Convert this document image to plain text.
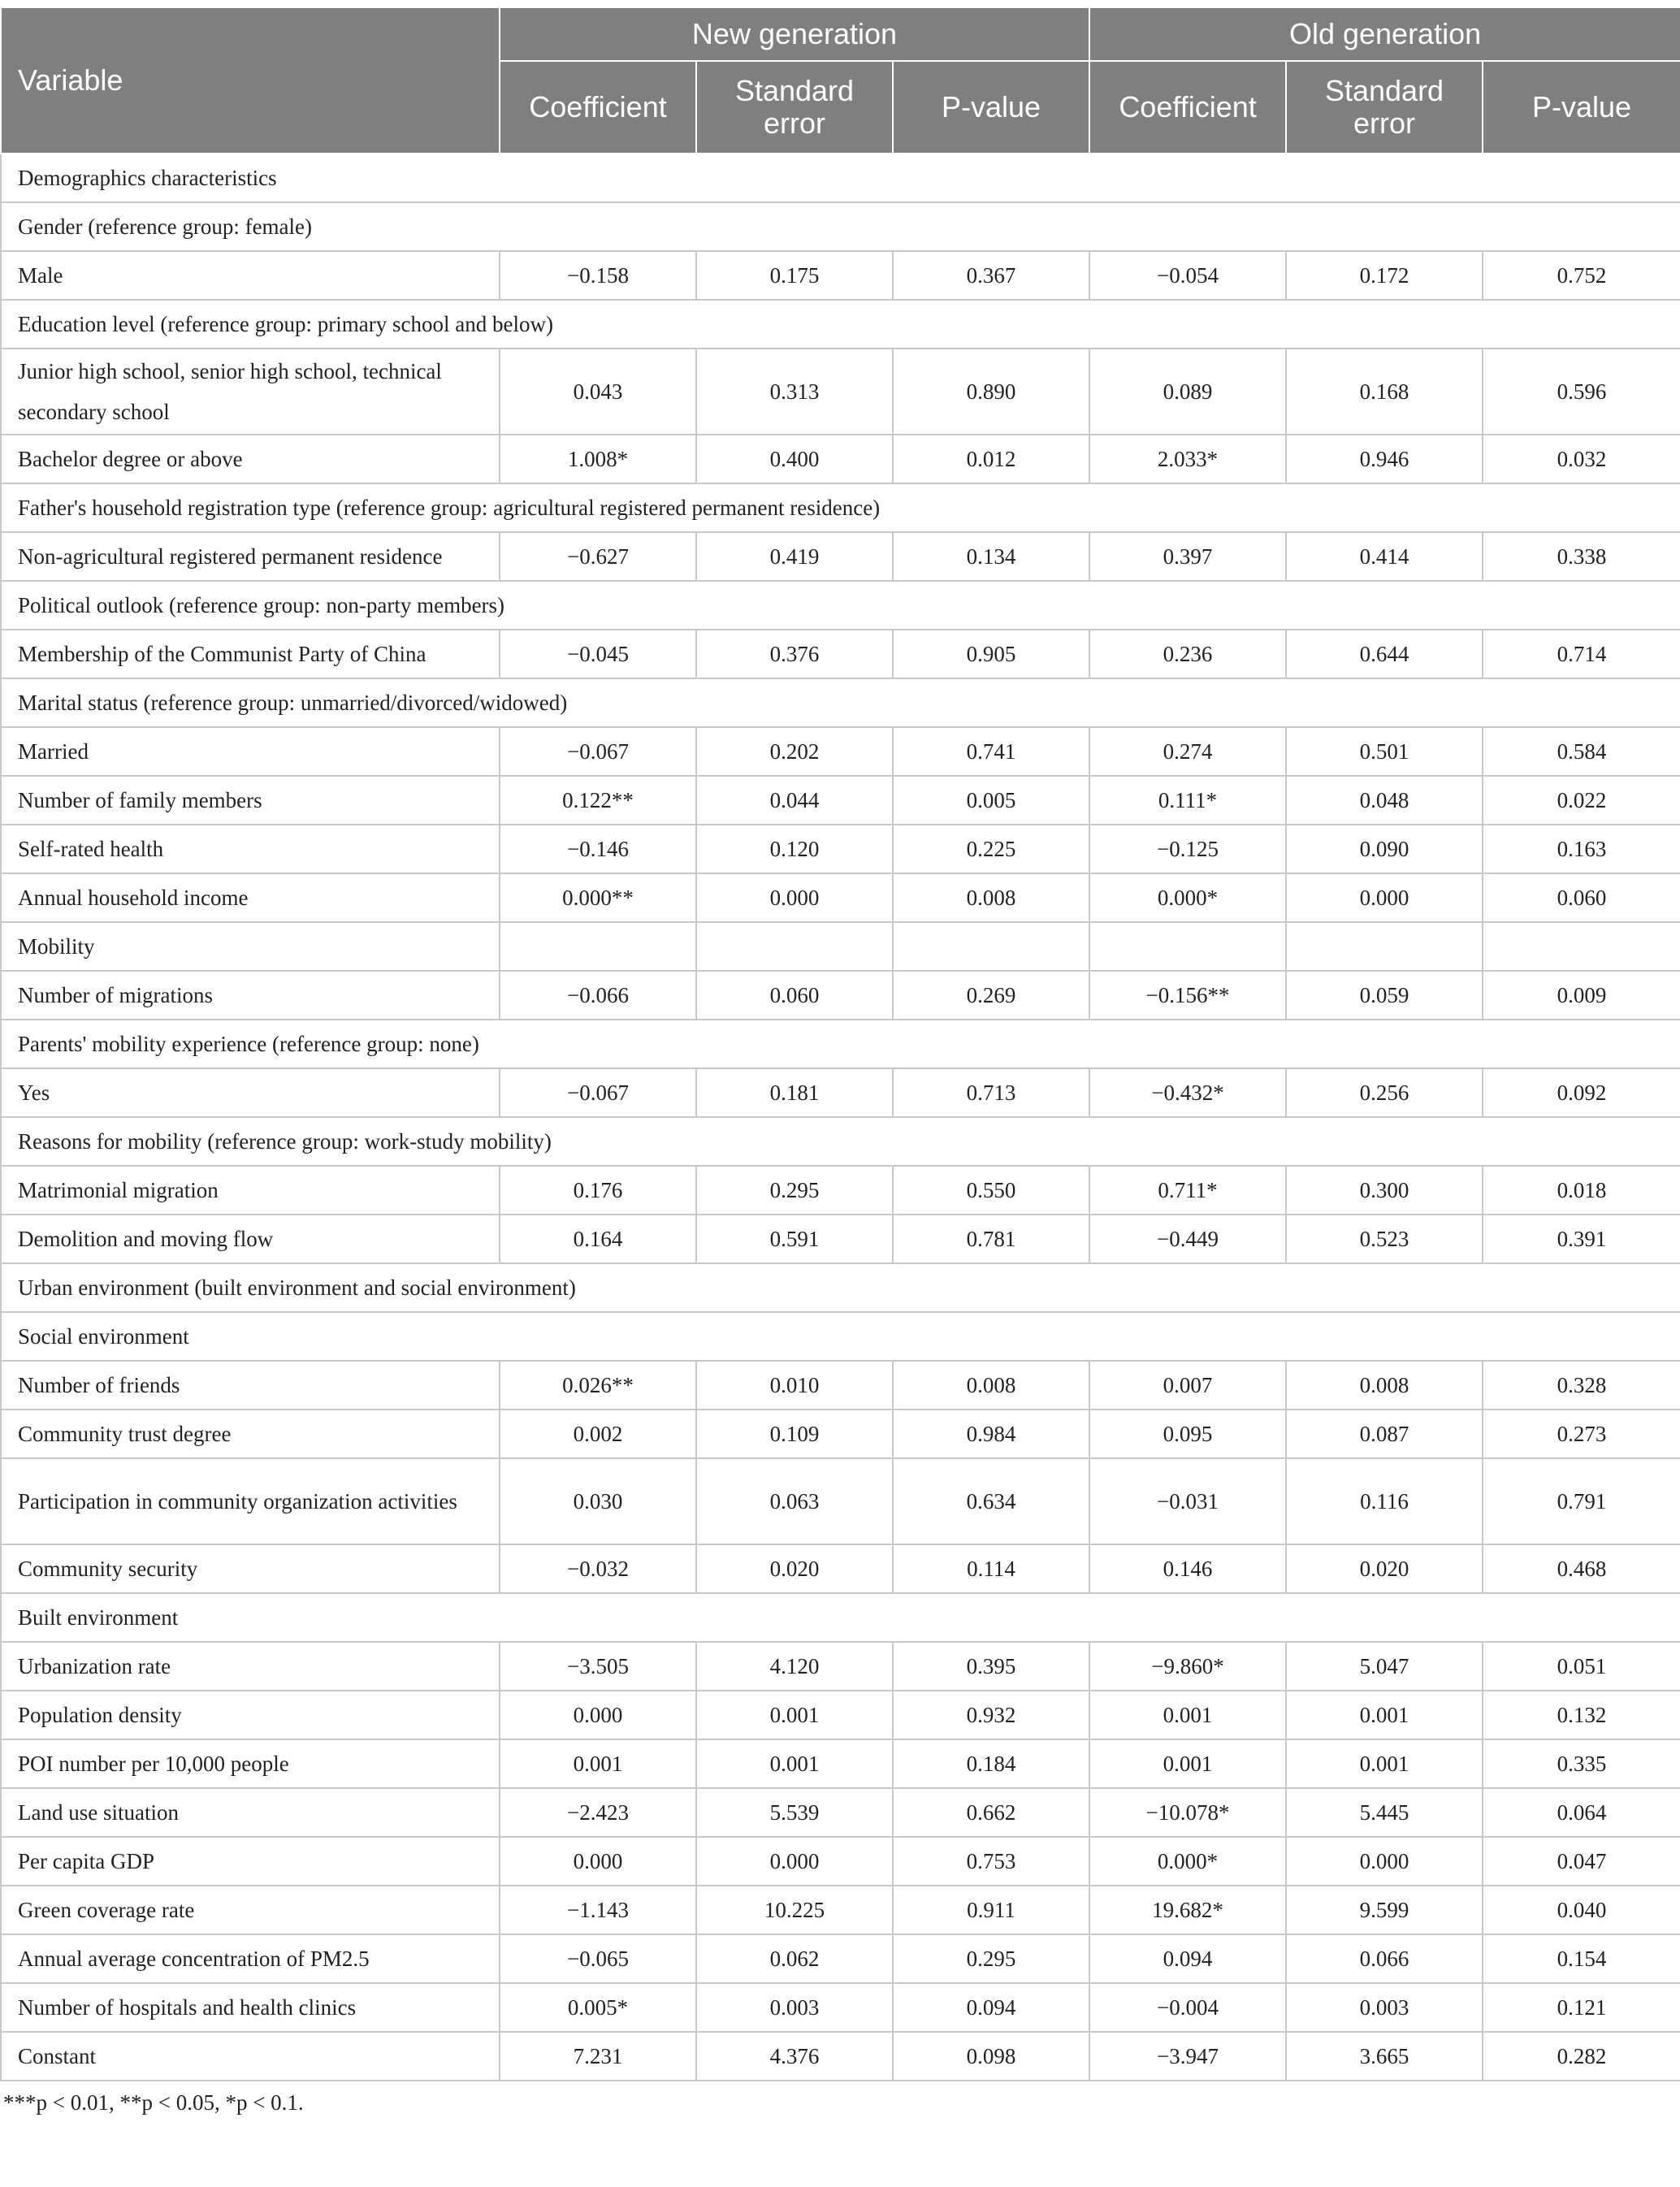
Variable	New generation			Old generation		
	Coefficient	Standard error	P-value	Coefficient	Standard error	P-value
Demographics characteristics						
Gender (reference group: female)						
Male	−0.158	0.175	0.367	−0.054	0.172	0.752
Education level (reference group: primary school and below)						
Junior high school, senior high school, technical secondary school	0.043	0.313	0.890	0.089	0.168	0.596
Bachelor degree or above	1.008*	0.400	0.012	2.033*	0.946	0.032
Father's household registration type (reference group: agricultural registered permanent residence)						
Non-agricultural registered permanent residence	−0.627	0.419	0.134	0.397	0.414	0.338
Political outlook (reference group: non-party members)						
Membership of the Communist Party of China	−0.045	0.376	0.905	0.236	0.644	0.714
Marital status (reference group: unmarried/divorced/widowed)						
Married	−0.067	0.202	0.741	0.274	0.501	0.584
Number of family members	0.122**	0.044	0.005	0.111*	0.048	0.022
Self-rated health	−0.146	0.120	0.225	−0.125	0.090	0.163
Annual household income	0.000**	0.000	0.008	0.000*	0.000	0.060
Mobility						
Number of migrations	−0.066	0.060	0.269	−0.156**	0.059	0.009
Parents' mobility experience (reference group: none)						
Yes	−0.067	0.181	0.713	−0.432*	0.256	0.092
Reasons for mobility (reference group: work-study mobility)						
Matrimonial migration	0.176	0.295	0.550	0.711*	0.300	0.018
Demolition and moving flow	0.164	0.591	0.781	−0.449	0.523	0.391
Urban environment (built environment and social environment)						
Social environment						
Number of friends	0.026**	0.010	0.008	0.007	0.008	0.328
Community trust degree	0.002	0.109	0.984	0.095	0.087	0.273
Participation in community organization activities	0.030	0.063	0.634	−0.031	0.116	0.791
Community security	−0.032	0.020	0.114	0.146	0.020	0.468
Built environment						
Urbanization rate	−3.505	4.120	0.395	−9.860*	5.047	0.051
Population density	0.000	0.001	0.932	0.001	0.001	0.132
POI number per 10,000 people	0.001	0.001	0.184	0.001	0.001	0.335
Land use situation	−2.423	5.539	0.662	−10.078*	5.445	0.064
Per capita GDP	0.000	0.000	0.753	0.000*	0.000	0.047
Green coverage rate	−1.143	10.225	0.911	19.682*	9.599	0.040
Annual average concentration of PM2.5	−0.065	0.062	0.295	0.094	0.066	0.154
Number of hospitals and health clinics	0.005*	0.003	0.094	−0.004	0.003	0.121
Constant	7.231	4.376	0.098	−3.947	3.665	0.282
***p < 0.01, **p < 0.05, *p < 0.1.
